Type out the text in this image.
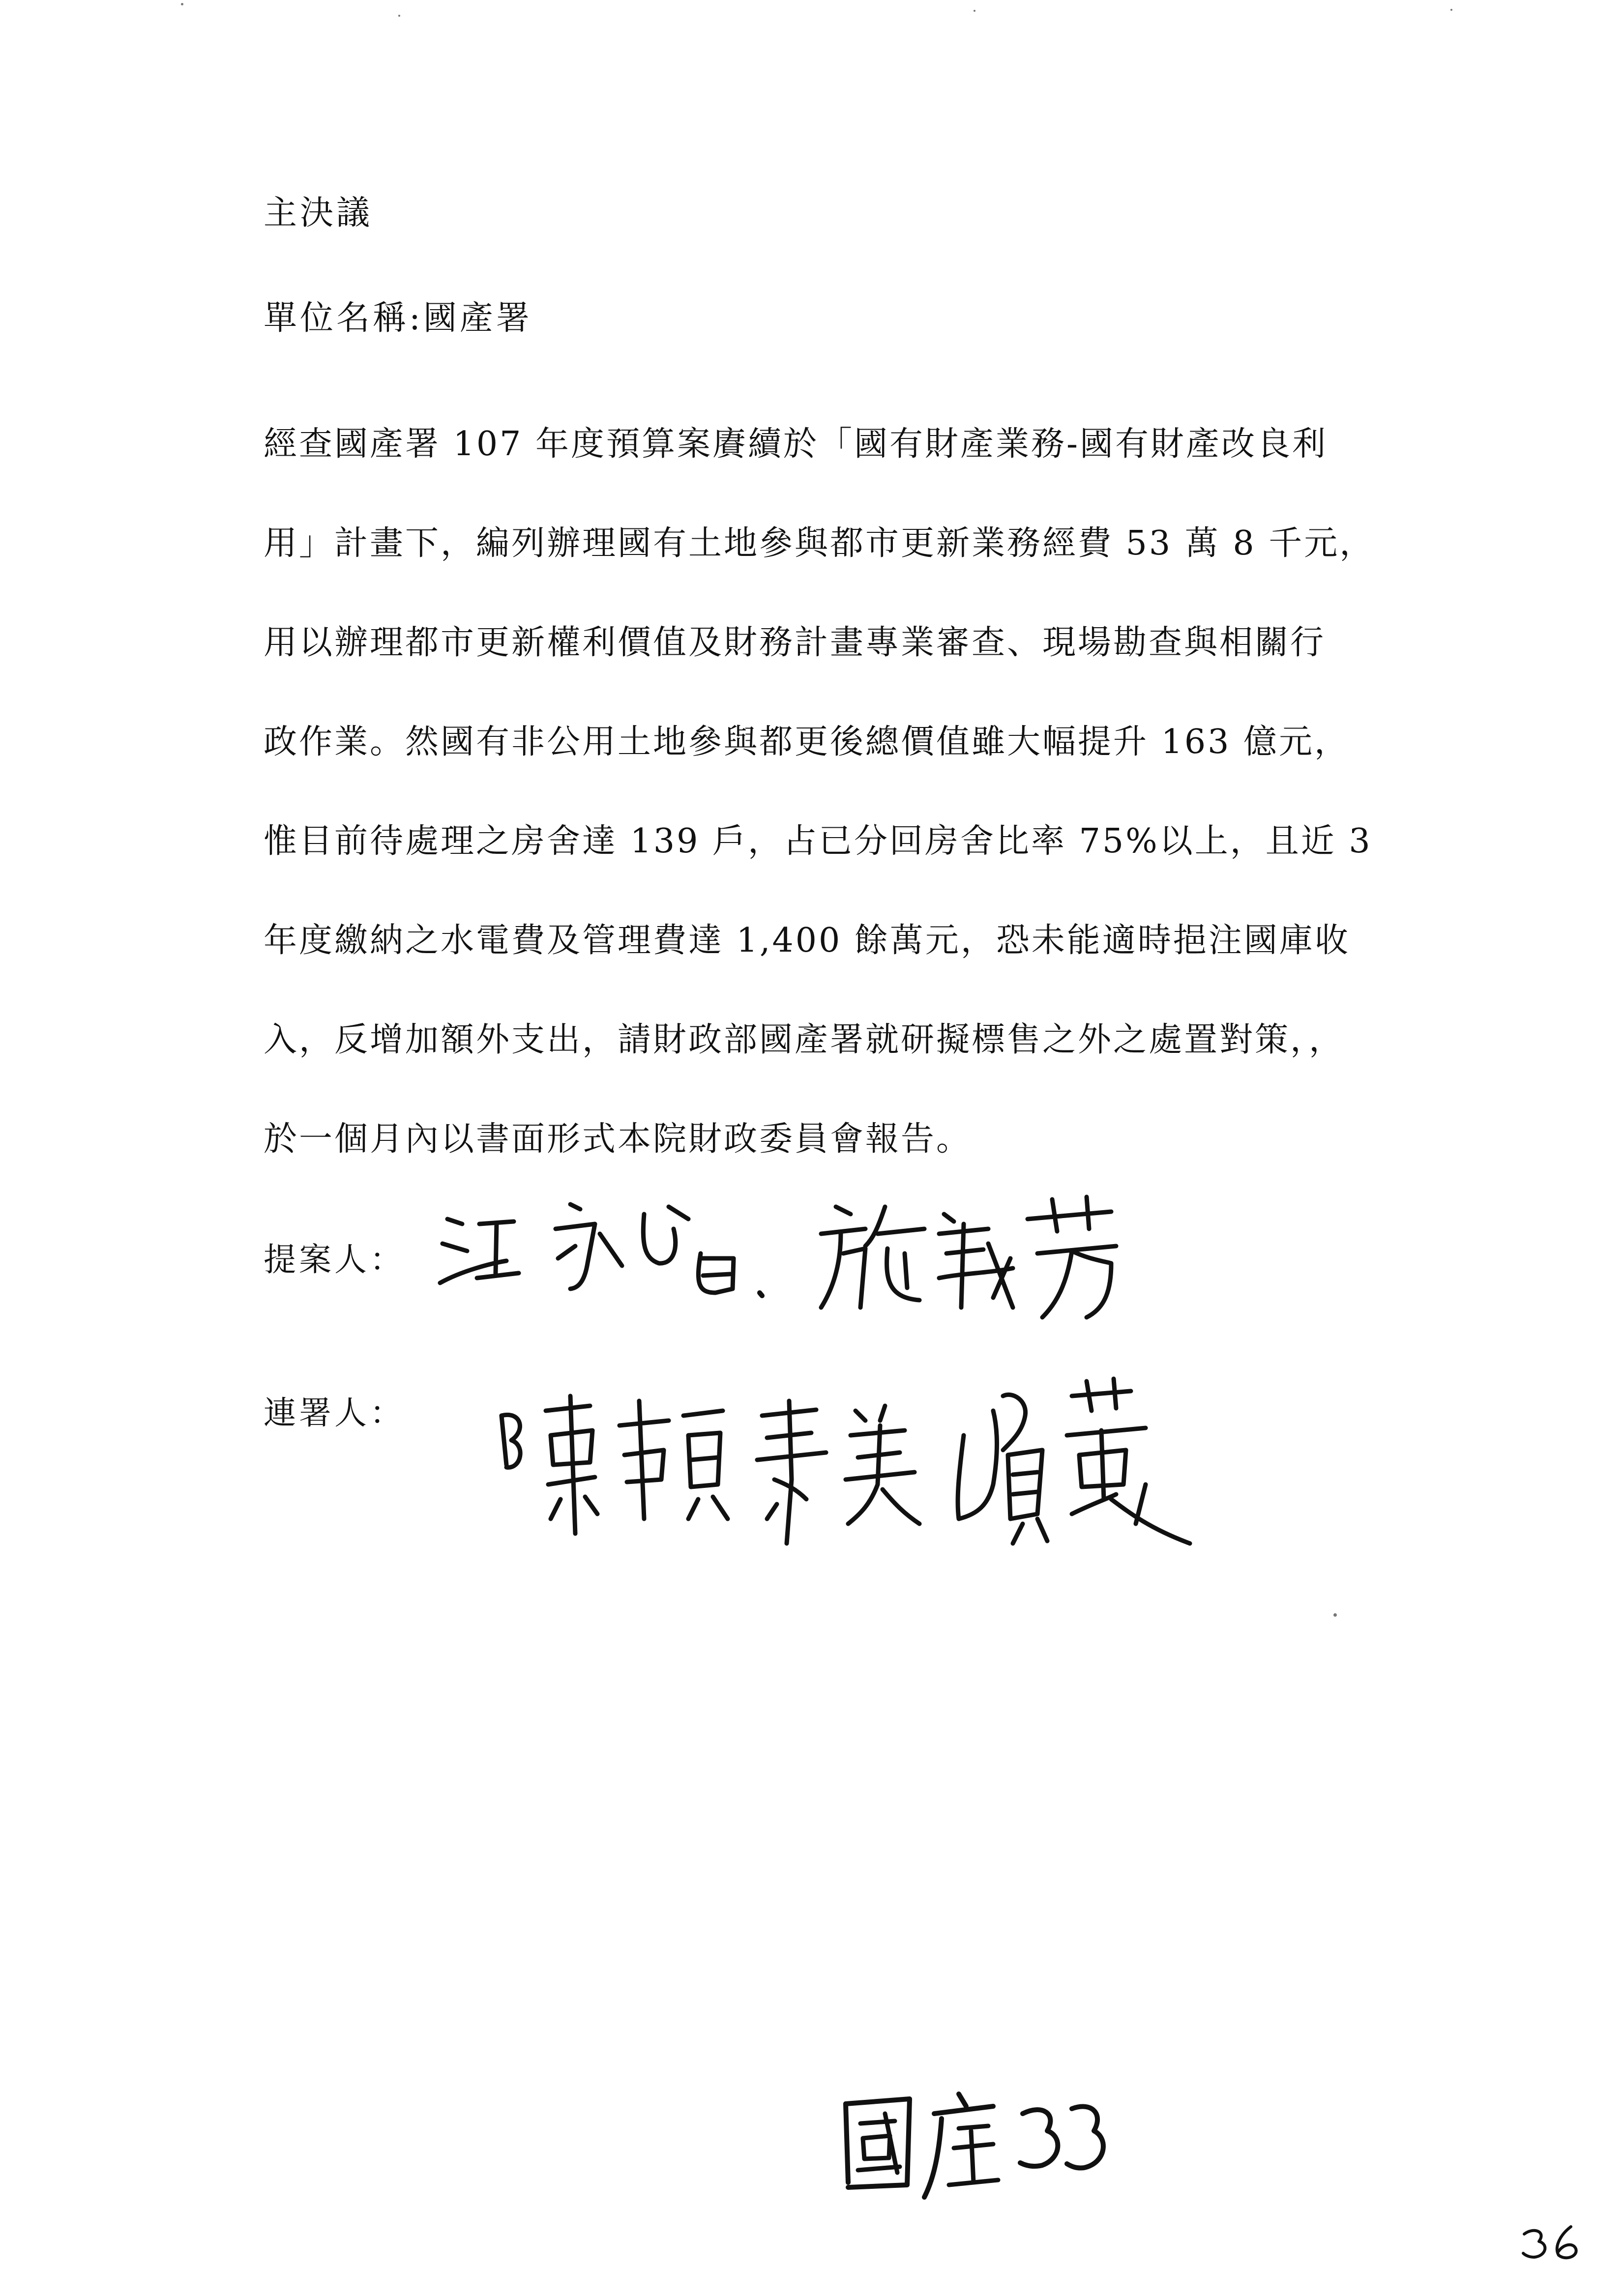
主決議
單位名稱:國產署
經查國產署 107 年度預算案賡續於「國有財產業務-國有財產改良利
用」計畫下，編列辦理國有土地參與都市更新業務經費 53 萬 8 千元，
用以辦理都市更新權利價值及財務計畫專業審查、現場勘查與相關行
政作業。然國有非公用土地參與都更後總價值雖大幅提升 163 億元，
惟目前待處理之房舍達 139 戶，占已分回房舍比率 75%以上，且近 3
年度繳納之水電費及管理費達 1,400 餘萬元，恐未能適時挹注國庫收
入，反增加額外支出，請財政部國產署就研擬標售之外之處置對策，，
於一個月內以書面形式本院財政委員會報告。
提案人：
連署人：
